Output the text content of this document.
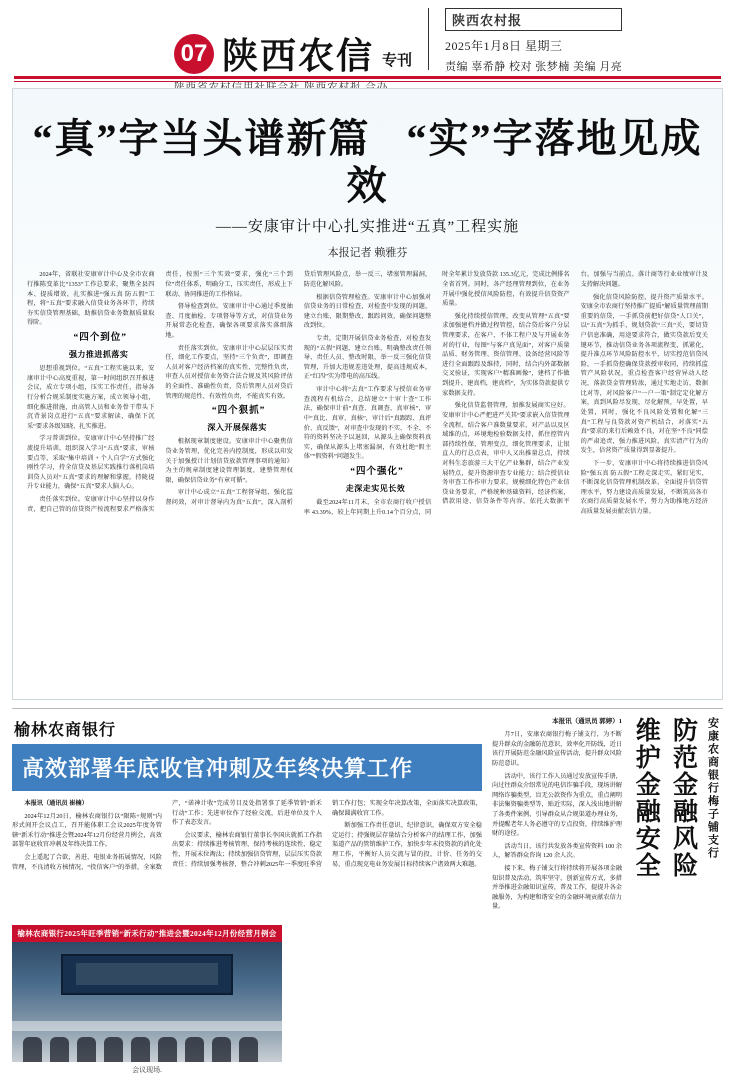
07 陕西农信 专刊
陕西农村报
2025年1月8日 星期三
责编 辜希静 校对 张梦楠 美编 月亮
“真”字当头谱新篇 “实”字落地见成效
——安康审计中心扎实推进“五真”工程实施
本报记者 赖雅芬

2024年，省联社安康审计中心及全市农商行推陈变革比“1353”工作总要求，聚焦全县四本、提质增效，扎实推进“强五真 防五假”工程，将“五真”要求融入信贷业务各环节，持续夯实信贷管理基础，助推信贷业务数据质量取得阶。

“四个到位”

强力推进抓落实

思想重视到位。“五真”工程实施以来，安康审计中心高度重视，第一时间组织召开推进会议，成立专项小组，压实工作责任，指导各行分析合规采制度实施方案，成立领导小组，细化推进措施，由高管人员和业务骨干带头下沉背景岗点进行“五真”要求解读，确保下沉采“要求各级知晓、扎实推进。

学习普训到位。安康审计中心坚持推广经流提升培训，组织深入学习“五真”要求，审核要点等，采取“集中培训 + 个人自学”方式强化刚性学习，持全信贷及基层实践推行落机岗培训贷人员对“五真”要求的理解和掌握，持陇提升专业能力，确保“五真”要求人脑人心。

责任落实到位。安康审计中心坚持以身作责，把自己管的信贷资产按流程要求严格落实责任，按照“三个实效”要求，强化“三个到位”责任体系，明确分工，压实责任，形成上下联动、协同推进的工作格局。

督导检查到位。安康审计中心通过季度抽查、月度抽检、专项督导等方式，对信贷业务开展常态化检查，确保各项要求落实落细落地。

责任落实到位。安康审计中心层层压实责任，细化工作要点，坚持“三个负责”，即调查人员对客户经济档案的真实性、完整性负责，审查人员对授信业务资合法合规及其风险评估的全面性、准确性负责，贷后管理人员对贷后管理的规范性、有效性负责，不能真实有效。

“四个狠抓”

深入开展保落实

根据现章制度建设。安康审计中心聚焦信贷业务管理，优化完善内控制度，形成以印发关于加强授计计划信贷放款管理事项的通知》为主的规章制度建设管理制度，建整管理权限，确保信贷业务“有章可循”。

审计中心成立“五真”工程督导组，强化监督问效，对审计督导内为真“五真”，深入剖析贷后管理风险点，举一反三，堵塞管理漏洞，防范化解风险。

根据信贷管理检查。安康审计中心加强对信贷业务的日常检查，对检查中发现的问题，建立台账、限期整改、跟踪问效，确保问题整改到位。

专责，定期开展信贷业务检查，对检查发现的“五假”问题，建立台账，明确整改责任领导、责任人员、整改时限，举一反三强化信贷管理，升加大违规差违处理，提高违规成本，正“红四”实为带电的高压线。

审计中心将“去真”工作要求与授信业务审查流程有机结合，总结建立“十审十查”工作法，确保审计前“真查、真调查、真审核”，审中“真比、真审、真核”，审计后“真跟踪、真评价、真反馈”，对审查中发现的不实、不全、不符的资料坚决予以退回，从源头上确保资料真实，确保从源头上堵塞漏洞，有效杜绝“假主体”“假资料”问题发生。

“四个强化”

走深走实见长效

截至2024年11月末，全市农商行收户授信率 43.39%，较上年同期上升0.14个百分点，同时全年累计发放贷款 135.3亿元，完成比例排名全省首列。同时，各产经理管理到位，在业务开展中强化授信风险防控，有效提升信贷资产质量。

强化持续授信管理，改变从管理“五真”要求加强建档并做过程管控，结合贷后客户分层管理要求，在客户、不体工程户及与开展业务对的行业，每图“与客户真见面”，对客户质量品质、财务管理、资信管理、设备经营风险等进行全面跟踪及维持，同时，结合内外部数据交叉验证，实现客户“精准画像”，建档了作做到提升，建真档，建真档”，为实体贷款提供专家数据支持。

强化信贷监督管理，加推发展商实应好。安康审计中心严把进严关其“要求嵌入信贷管理全流程，结合客户准数量要求，对产品以及区域维的点，环境地检验数据支持，抓住控管内部持续性保，管理变点，细化管理要求，让银直人的行总点表，审中人又出推量总点，持续对科生态旅游三大干亿产业集群，结合产业发展特点，提升资源审查专业能力；结合授信业务审查工作作审力要求，规模细化特色产业信贷业务要求，严格统种基础资料，经济档案，借款用途，信贷条件等内容，依托大数据平台，加强与当前点、落计商等行业业绩审计及支持解决问题。

强化信贷风险防控，提升资产质量水平。安康全市农商行坚持推广提质“解质量管理前期重要的信贷，一手抓贷前把好信贷”人口关”，以“五真”为抓手，规划贷款“三真”关，要切贷户信息准确，用途要求符合，做实贷款后变关键环节，推动信贷业务各项流程变，抓紧化，提升准点环节风险防控水平，切实控范信贷风险，一手抓贷控确保贷款授审收同，持续抓监管产风险状况，重点检查客户经营异动人经况，落款贷金管理转浓，通过实地走访，数据比对等，对风险客户“一户一策”制定定化解方案，真到风险尽发现，尽化解预，早处置，早处置，同时，强化不良风险处置和化解“三真”工程与良贷款对资产机结合，对落实“五真”要求的来行后赖效不良，对在坚“不良”同偿的严肃追责，强力推进风险，真实清产行为的发生，倍营资产质量得到显著提升。

下一步，安康审计中心将持续推进信贷风险“强五真 防五假”工程走深走实，紧盯见实，不断深化信贷管理机制改革，全面提升信贷管理水平，努力建设高质量发展，不断筑高各市农商行高质量发展水平，努力为助推地方经济高质量发展贡献农信力量。

榆林农商银行
高效部署年底收官冲刺及年终决算工作

本报讯（通讯员 崔楠）

2024年12月20日，榆林农商银行以“限陈+规则”内形式间开会议点工，召开能体职工会议2025年度务管辖“新禾行动”推进会暨2024年12月份经营月例会，高效部署年底收官冲刺及年终决算工作。

会上遥起了合欲，善进、电银业务拓展情况，风险管理，不良清收方核情况，“投信客户”的举措，全案数产，“诺神计收”完成劳目及处指署事了延季管销“新禾行动”工作；先进审位作了经验交流，后进单位及个人作了表态发言。

会议要求，榆林农商银行董事长李国庆就抓工作指出要求：持续推进考核管理、保持考核的连续性、稳定性，开展末位淘汰；持续加强信贷管理，层层压实贷款责任；持续加强考核督，整合冲刺2025年一季度旺季营销工作打包；实现全年决算改策，全面落实决算政策，确保圆满收官工作。

断加强工作责任意识、纪律意识，确保双方安全稳定运行；持强规层存量结合分析客户的结理工作，加强渠道产品的管销维护工作，加快步年末投资款的消化处理工作，平衡好人员交流与冒的投，计价、任务的交易，重点现克电业务发展目标持续客户诸效两大难题。

榆林农商银行2025年旺季营销“新禾行动”推进会暨2024年12月份经营月例会
会议现场.

本报讯（通讯员 郭婷）1

月7日，安康农商银行梅子铺支行，为不断提升群众的金融防范意识，效率化开防线，近日该行开展防范金融风险宣传活动，提升群众风险防范意识。

活动中，该行工作人员通过发放宣传手册，向过往群众介绍常见的电信诈骗手段，现场讲解网络诈骗类型，盲无公款资作为重点，重点阐明非法集资骗类型等，贴近实际，深入浅出地讲解了各类件案例，引导群众从合规渠道办理业务，并提醒老年人务必遵守的专点投资，持续维护理财的途径。

活动当日，该行共发放各类宣传资料 100 余人，解答群众咨询 120 余人次。

接下来，梅子铺支行将持续将开展各项金融知识普及活动，筑牢坚守，创新宣传方式，多措并举推进金融知识宣传，普及工作，提提升各金融服务，为构建和谐安全的金融环境贡献农信力量。

安康农商银行梅子铺支行
防范金融风险
维护金融安全
